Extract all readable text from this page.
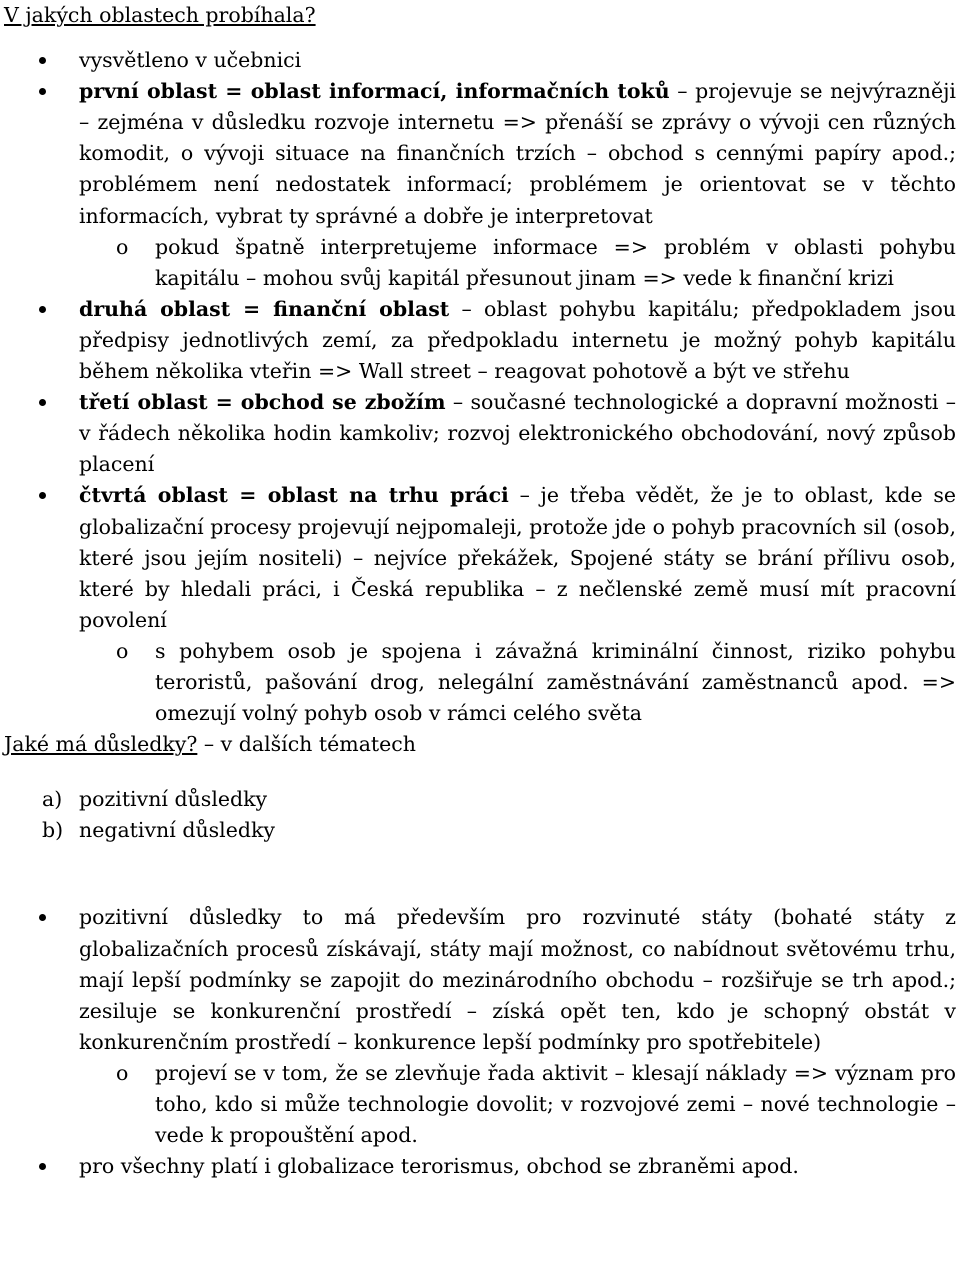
V jakých oblastech probíhala?
vysvětleno v učebnici
první oblast = oblast informací, informačních toků – projevuje se nejvýrazněji – zejména v důsledku rozvoje internetu => přenáší se zprávy o vývoji cen různých komodit, o vývoji situace na finančních trzích – obchod s cennými papíry apod.; problémem není nedostatek informací; problémem je orientovat se v těchto informacích, vybrat ty správné a dobře je interpretovat
o pokud špatně interpretujeme informace => problém v oblasti pohybu kapitálu – mohou svůj kapitál přesunout jinam => vede k finanční krizi
druhá oblast = finanční oblast – oblast pohybu kapitálu; předpokladem jsou předpisy jednotlivých zemí, za předpokladu internetu je možný pohyb kapitálu během několika vteřin => Wall street – reagovat pohotově a být ve střehu
třetí oblast = obchod se zbožím – současné technologické a dopravní možnosti – v řádech několika hodin kamkoliv; rozvoj elektronického obchodování, nový způsob placení
čtvrtá oblast = oblast na trhu práci – je třeba vědět, že je to oblast, kde se globalizační procesy projevují nejpomaleji, protože jde o pohyb pracovních sil (osob, které jsou jejím nositeli) – nejvíce překážek, Spojené státy se brání přílivu osob, které by hledali práci, i Česká republika – z nečlenské země musí mít pracovní povolení
o s pohybem osob je spojena i závažná kriminální činnost, riziko pohybu teroristů, pašování drog, nelegální zaměstnávání zaměstnanců apod. => omezují volný pohyb osob v rámci celého světa
Jaké má důsledky? – v dalších tématech
a) pozitivní důsledky
b) negativní důsledky
pozitivní důsledky to má především pro rozvinuté státy (bohaté státy z globalizačních procesů získávají, státy mají možnost, co nabídnout světovému trhu, mají lepší podmínky se zapojit do mezinárodního obchodu – rozšiřuje se trh apod.; zesiluje se konkurenční prostředí – získá opět ten, kdo je schopný obstát v konkurenčním prostředí – konkurence lepší podmínky pro spotřebitele)
o projeví se v tom, že se zlevňuje řada aktivit – klesají náklady => význam pro toho, kdo si může technologie dovolit; v rozvojové zemi – nové technologie – vede k propouštění apod.
pro všechny platí i globalizace terorismus, obchod se zbraněmi apod.
